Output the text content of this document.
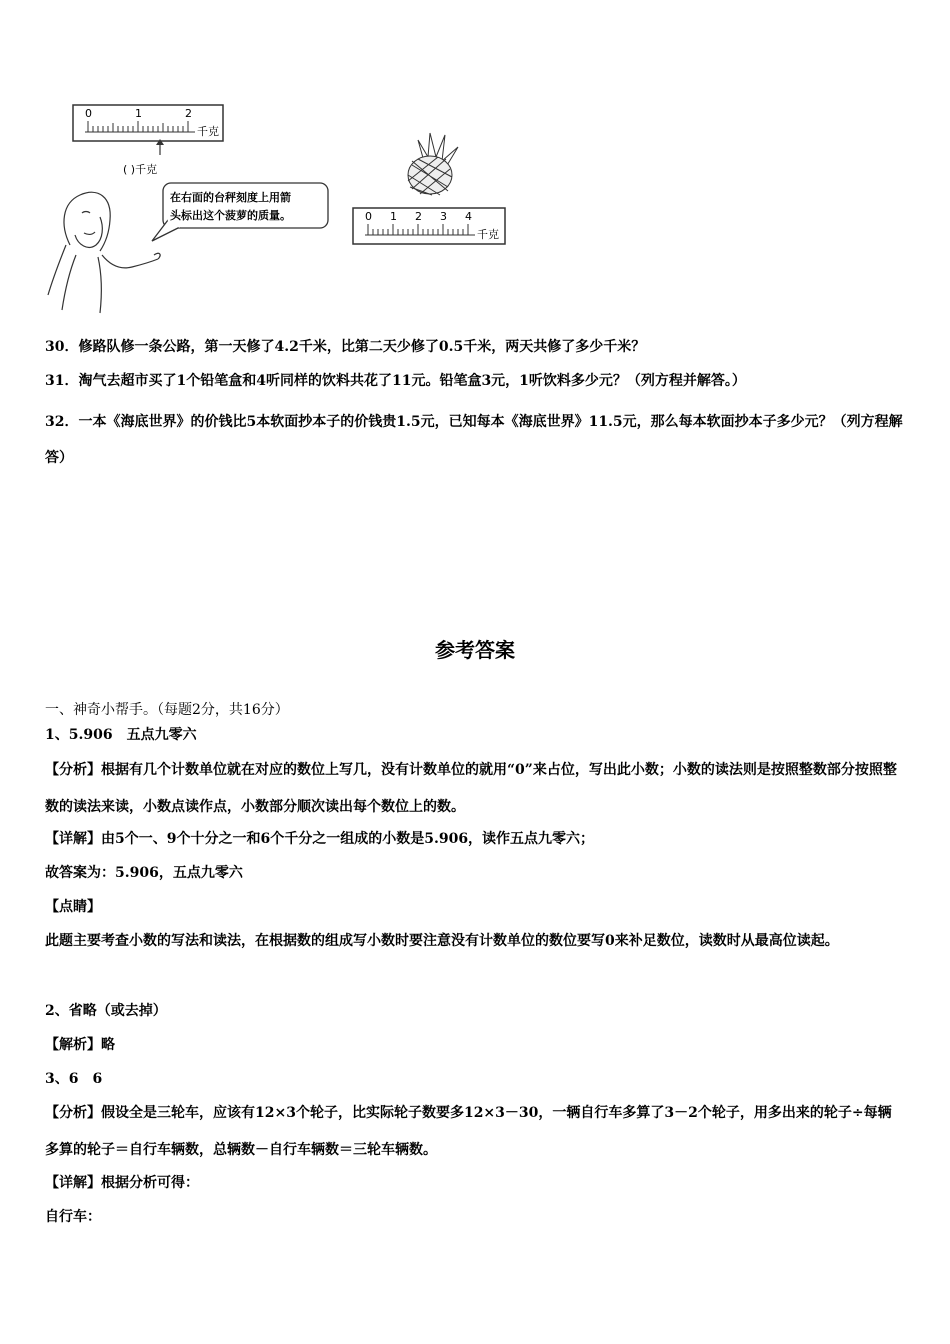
0	1	2
千克
( )千克
在右面的台秤刻度上用箭
头标出这个菠萝的质量。	0 1 2 3 4
千克
30．修路队修一条公路，第一天修了4.2千米，比第二天少修了0.5千米，两天共修了多少千米？
31．淘气去超市买了1个铅笔盒和4听同样的饮料共花了11元。铅笔盒3元，1听饮料多少元？（列方程并解答。）
32．一本《海底世界》的价钱比5本软面抄本子的价钱贵1.5元，已知每本《海底世界》11.5元，那么每本软面抄本子多少元？（列方程解答）
参考答案
一、神奇小帮手。（每题2分，共16分）
1、5.906　五点九零六
【分析】根据有几个计数单位就在对应的数位上写几，没有计数单位的就用“0”来占位，写出此小数；小数的读法则是按照整数部分按照整数的读法来读，小数点读作点，小数部分顺次读出每个数位上的数。
【详解】由5个一、9个十分之一和6个千分之一组成的小数是5.906，读作五点九零六；
故答案为：5.906，五点九零六
【点睛】
此题主要考查小数的写法和读法，在根据数的组成写小数时要注意没有计数单位的数位要写0来补足数位，读数时从最高位读起。
2、省略（或去掉）
【解析】略
3、6　6
【分析】假设全是三轮车，应该有12×3个轮子，比实际轮子数要多12×3－30，一辆自行车多算了3－2个轮子，用多出来的轮子÷每辆多算的轮子＝自行车辆数，总辆数－自行车辆数＝三轮车辆数。
【详解】根据分析可得：
自行车：
